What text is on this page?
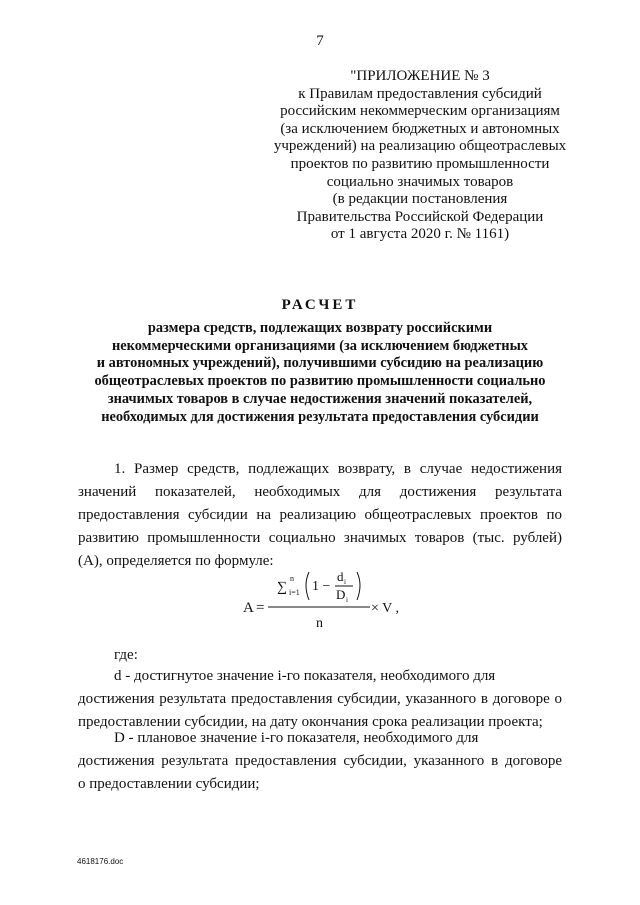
7
"ПРИЛОЖЕНИЕ № 3
к Правилам предоставления субсидий
российским некоммерческим организациям
(за исключением бюджетных и автономных
учреждений) на реализацию общеотраслевых
проектов по развитию промышленности
социально значимых товаров
(в редакции постановления
Правительства Российской Федерации
от 1 августа 2020 г. № 1161)
РАСЧЕТ
размера средств, подлежащих возврату российскими
некоммерческими организациями (за исключением бюджетных
и автономных учреждений), получившими субсидию на реализацию
общеотраслевых проектов по развитию промышленности социально
значимых товаров в случае недостижения значений показателей,
необходимых для достижения результата предоставления субсидии
1. Размер средств, подлежащих возврату, в случае недостижения
значений показателей, необходимых для достижения результата
предоставления субсидии на реализацию общеотраслевых проектов по
развитию промышленности социально значимых товаров (тыс. рублей)
(А), определяется по формуле:
A =
∑
n
i=1 1 −
d i
D i
n
× V ,
где:
d - достигнутое значение i-го показателя, необходимого для
достижения результата предоставления субсидии, указанного в договоре о
предоставлении субсидии, на дату окончания срока реализации проекта;
D - плановое значение i-го показателя, необходимого для
достижения результата предоставления субсидии, указанного в договоре
о предоставлении субсидии;
4618176.doc
